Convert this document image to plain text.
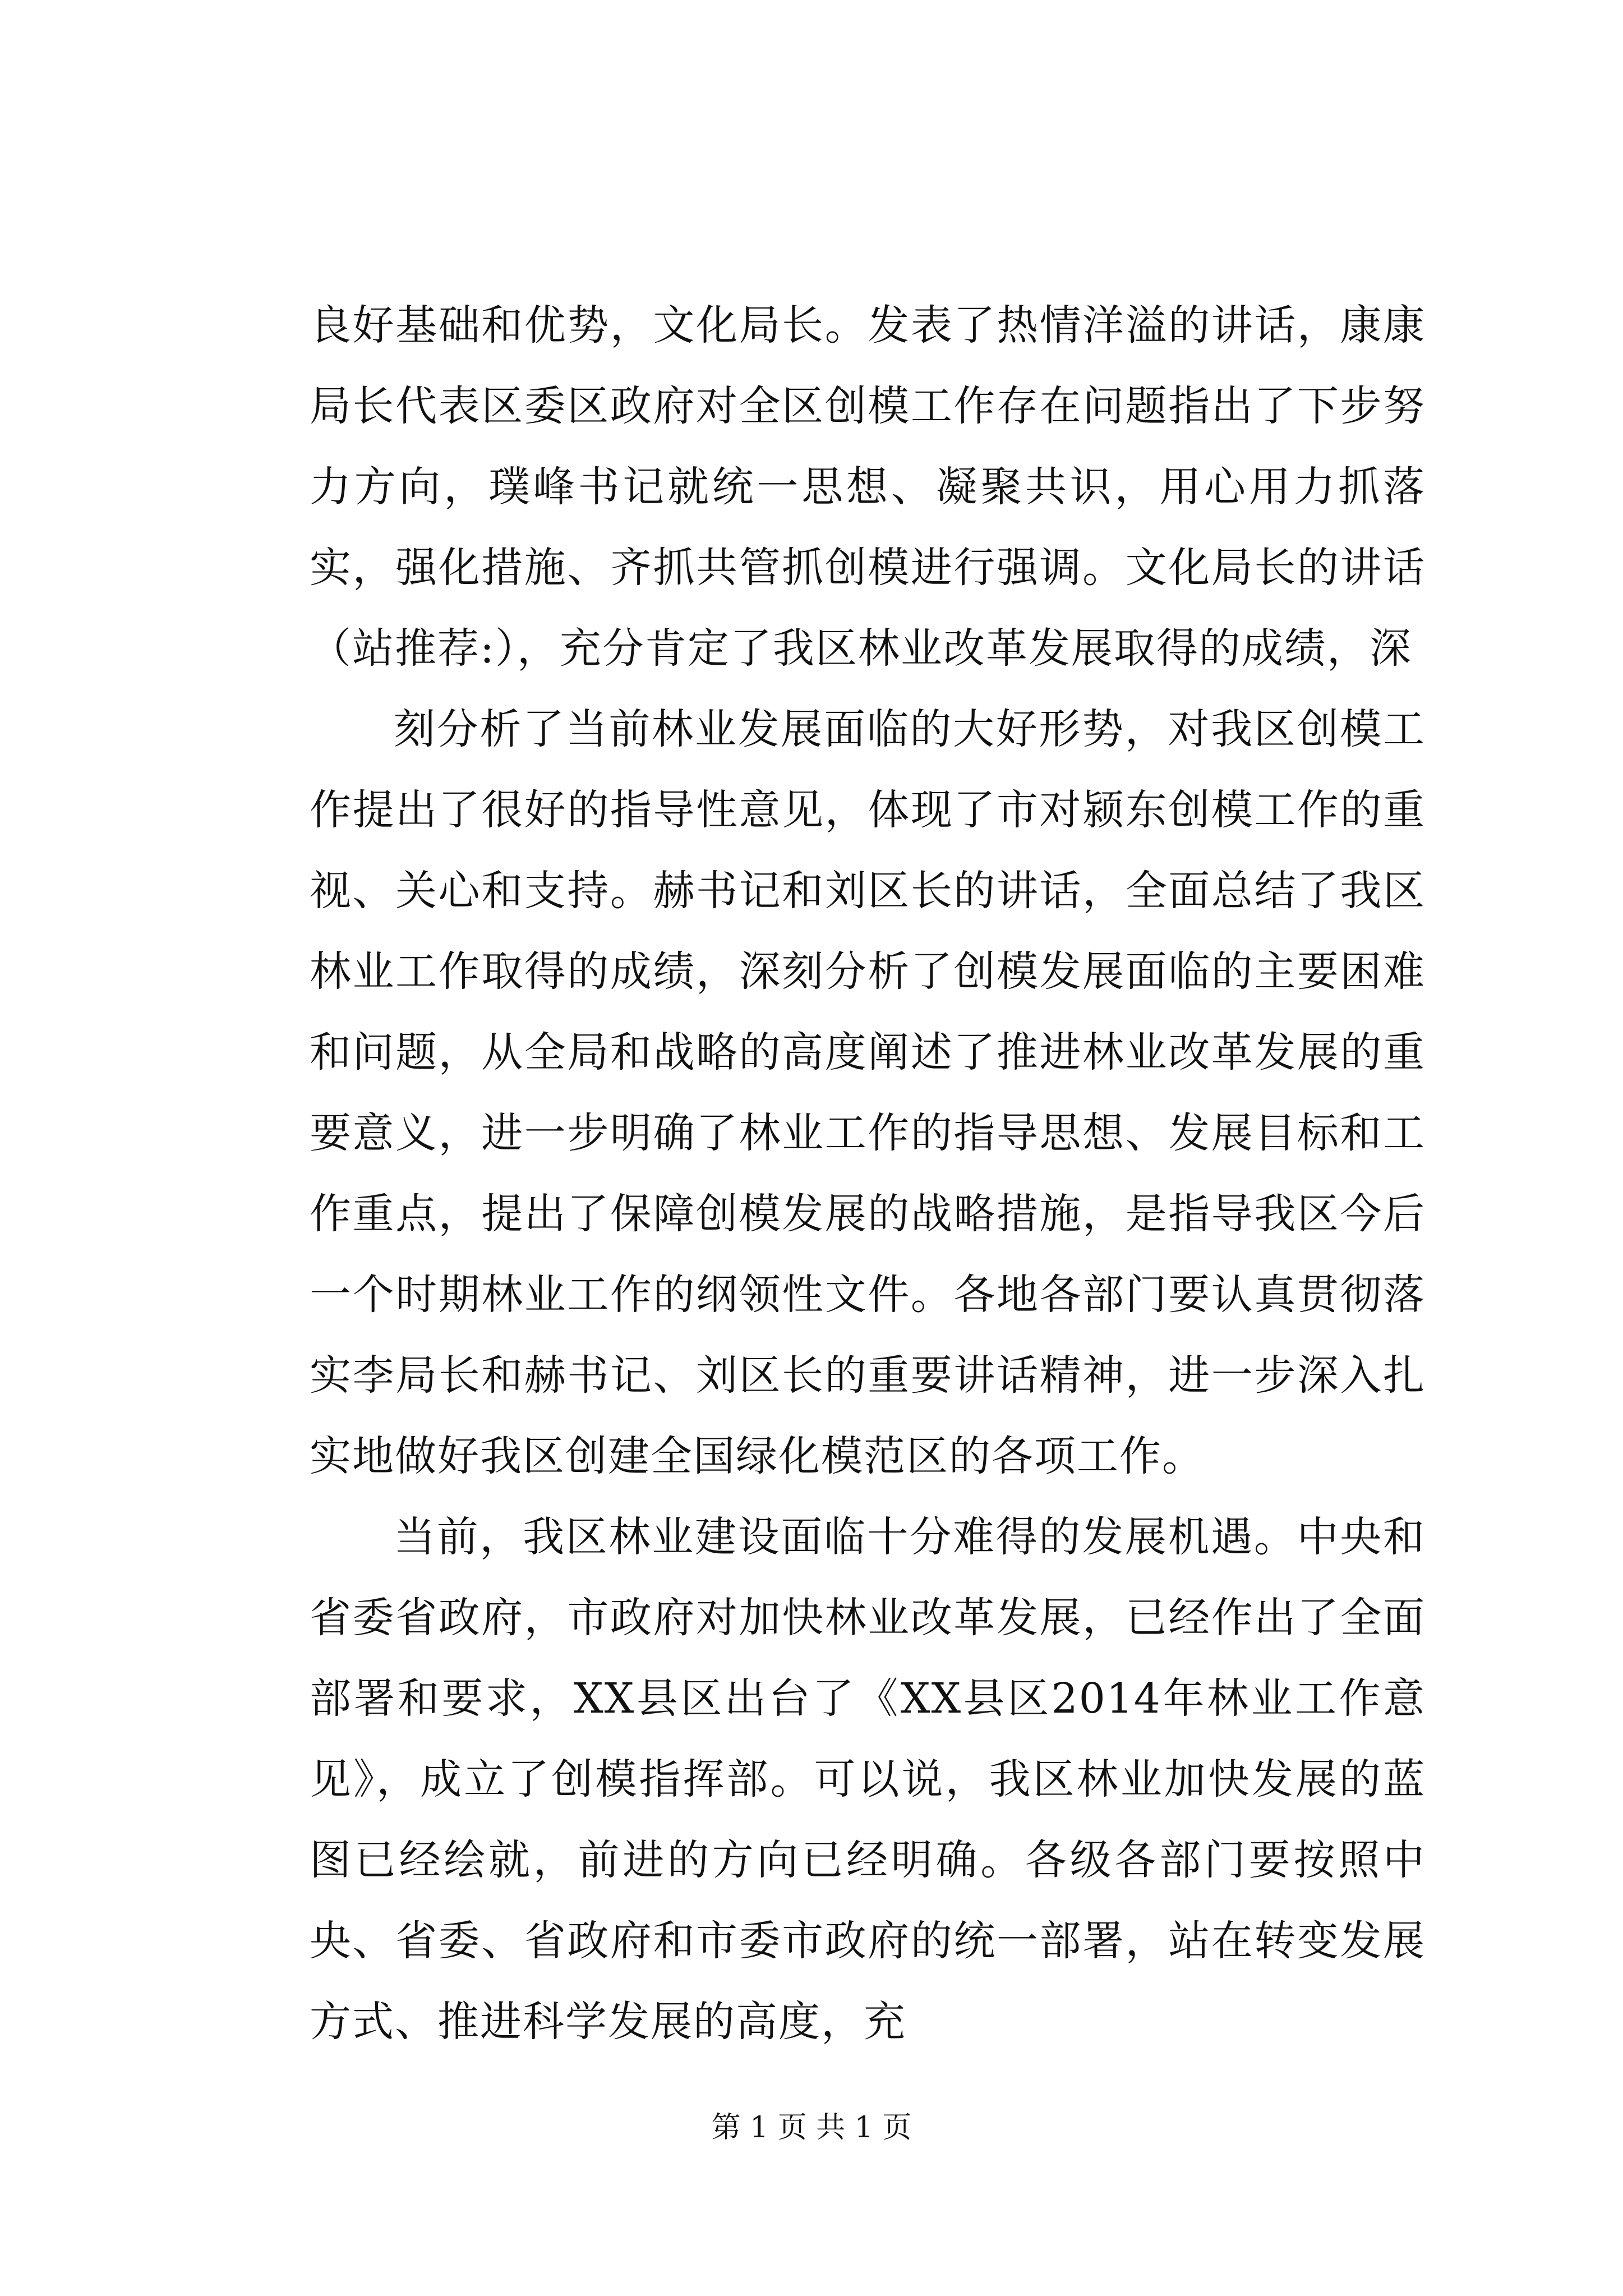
良好基础和优势，文化局长。发表了热情洋溢的讲话，康康局长代表区委区政府对全区创模工作存在问题指出了下步努力方向，璞峰书记就统一思想、凝聚共识，用心用力抓落实，强化措施、齐抓共管抓创模进行强调。文化局长的讲话（站推荐:），充分肯定了我区林业改革发展取得的成绩，深

刻分析了当前林业发展面临的大好形势，对我区创模工作提出了很好的指导性意见，体现了市对颍东创模工作的重视、关心和支持。赫书记和刘区长的讲话，全面总结了我区林业工作取得的成绩，深刻分析了创模发展面临的主要困难和问题，从全局和战略的高度阐述了推进林业改革发展的重要意义，进一步明确了林业工作的指导思想、发展目标和工作重点，提出了保障创模发展的战略措施，是指导我区今后一个时期林业工作的纲领性文件。各地各部门要认真贯彻落实李局长和赫书记、刘区长的重要讲话精神，进一步深入扎实地做好我区创建全国绿化模范区的各项工作。

当前，我区林业建设面临十分难得的发展机遇。中央和省委省政府，市政府对加快林业改革发展，已经作出了全面部署和要求，XX县区出台了《XX县区2014年林业工作意见》，成立了创模指挥部。可以说，我区林业加快发展的蓝图已经绘就，前进的方向已经明确。各级各部门要按照中央、省委、省政府和市委市政府的统一部署，站在转变发展方式、推进科学发展的高度，充

第 1 页 共 1 页
